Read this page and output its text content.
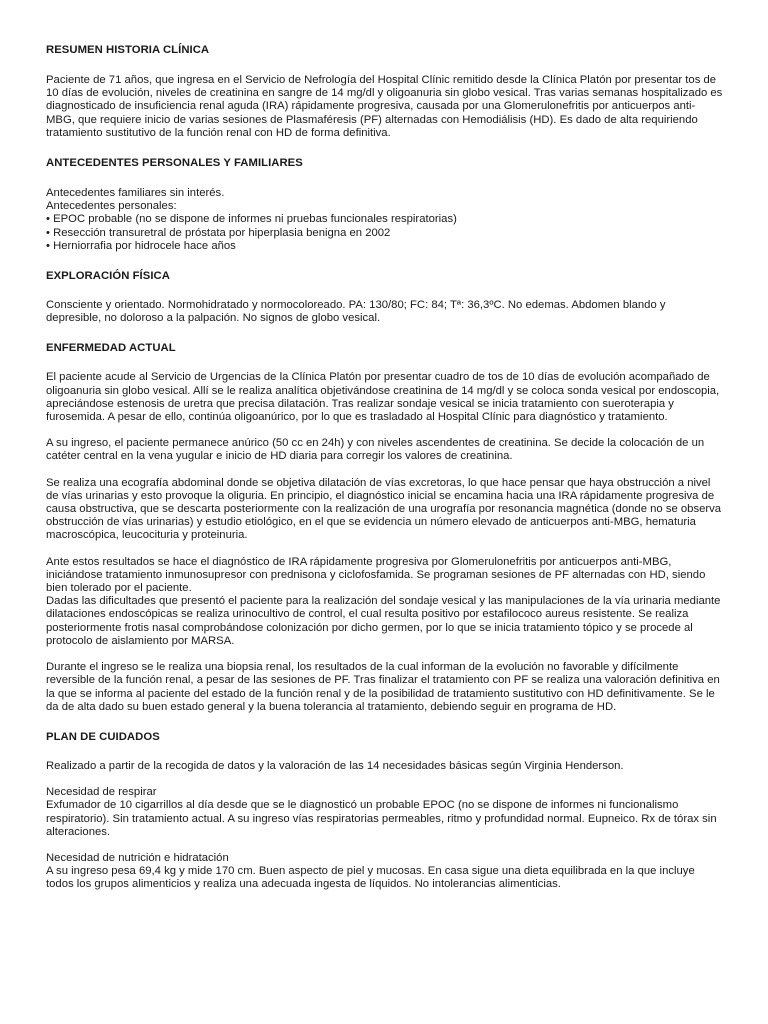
RESUMEN HISTORIA CLÍNICA

Paciente de 71 años, que ingresa en el Servicio de Nefrología del Hospital Clínic remitido desde la Clínica Platón por presentar tos de
10 días de evolución, niveles de creatinina en sangre de 14 mg/dl y oligoanuria sin globo vesical. Tras varias semanas hospitalizado es
diagnosticado de insuficiencia renal aguda (IRA) rápidamente progresiva, causada por una Glomerulonefritis por anticuerpos anti-
MBG, que requiere inicio de varias sesiones de Plasmaféresis (PF) alternadas con Hemodiálisis (HD). Es dado de alta requiriendo
tratamiento sustitutivo de la función renal con HD de forma definitiva.

ANTECEDENTES PERSONALES Y FAMILIARES

Antecedentes familiares sin interés.
Antecedentes personales:
• EPOC probable (no se dispone de informes ni pruebas funcionales respiratorias)
• Resección transuretral de próstata por hiperplasia benigna en 2002
• Herniorrafia por hidrocele hace años

EXPLORACIÓN FÍSICA

Consciente y orientado. Normohidratado y normocoloreado. PA: 130/80; FC: 84; Tª: 36,3ºC. No edemas. Abdomen blando y
depresible, no doloroso a la palpación. No signos de globo vesical.

ENFERMEDAD ACTUAL

El paciente acude al Servicio de Urgencias de la Clínica Platón por presentar cuadro de tos de 10 días de evolución acompañado de
oligoanuria sin globo vesical. Allí se le realiza analítica objetivándose creatinina de 14 mg/dl y se coloca sonda vesical por endoscopia,
apreciándose estenosis de uretra que precisa dilatación. Tras realizar sondaje vesical se inicia tratamiento con sueroterapia y
furosemida. A pesar de ello, continúa oligoanúrico, por lo que es trasladado al Hospital Clínic para diagnóstico y tratamiento.

A su ingreso, el paciente permanece anúrico (50 cc en 24h) y con niveles ascendentes de creatinina. Se decide la colocación de un
catéter central en la vena yugular e inicio de HD diaria para corregir los valores de creatinina.

Se realiza una ecografía abdominal donde se objetiva dilatación de vías excretoras, lo que hace pensar que haya obstrucción a nivel
de vías urinarias y esto provoque la oliguria. En principio, el diagnóstico inicial se encamina hacia una IRA rápidamente progresiva de
causa obstructiva, que se descarta posteriormente con la realización de una urografía por resonancia magnética (donde no se observa
obstrucción de vías urinarias) y estudio etiológico, en el que se evidencia un número elevado de anticuerpos anti-MBG, hematuria
macroscópica, leucocituria y proteinuria.

Ante estos resultados se hace el diagnóstico de IRA rápidamente progresiva por Glomerulonefritis por anticuerpos anti-MBG,
iniciándose tratamiento inmunosupresor con prednisona y ciclofosfamida. Se programan sesiones de PF alternadas con HD, siendo
bien tolerado por el paciente.
Dadas las dificultades que presentó el paciente para la realización del sondaje vesical y las manipulaciones de la vía urinaria mediante
dilataciones endoscópicas se realiza urinocultivo de control, el cual resulta positivo por estafilococo aureus resistente. Se realiza
posteriormente frotis nasal comprobándose colonización por dicho germen, por lo que se inicia tratamiento tópico y se procede al
protocolo de aislamiento por MARSA.

Durante el ingreso se le realiza una biopsia renal, los resultados de la cual informan de la evolución no favorable y difícilmente
reversible de la función renal, a pesar de las sesiones de PF. Tras finalizar el tratamiento con PF se realiza una valoración definitiva en
la que se informa al paciente del estado de la función renal y de la posibilidad de tratamiento sustitutivo con HD definitivamente. Se le
da de alta dado su buen estado general y la buena tolerancia al tratamiento, debiendo seguir en programa de HD.

PLAN DE CUIDADOS

Realizado a partir de la recogida de datos y la valoración de las 14 necesidades básicas según Virginia Henderson.

Necesidad de respirar
Exfumador de 10 cigarrillos al día desde que se le diagnosticó un probable EPOC (no se dispone de informes ni funcionalismo
respiratorio). Sin tratamiento actual. A su ingreso vías respiratorias permeables, ritmo y profundidad normal. Eupneico. Rx de tórax sin
alteraciones.

Necesidad de nutrición e hidratación
A su ingreso pesa 69,4 kg y mide 170 cm. Buen aspecto de piel y mucosas. En casa sigue una dieta equilibrada en la que incluye
todos los grupos alimenticios y realiza una adecuada ingesta de líquidos. No intolerancias alimenticias.
